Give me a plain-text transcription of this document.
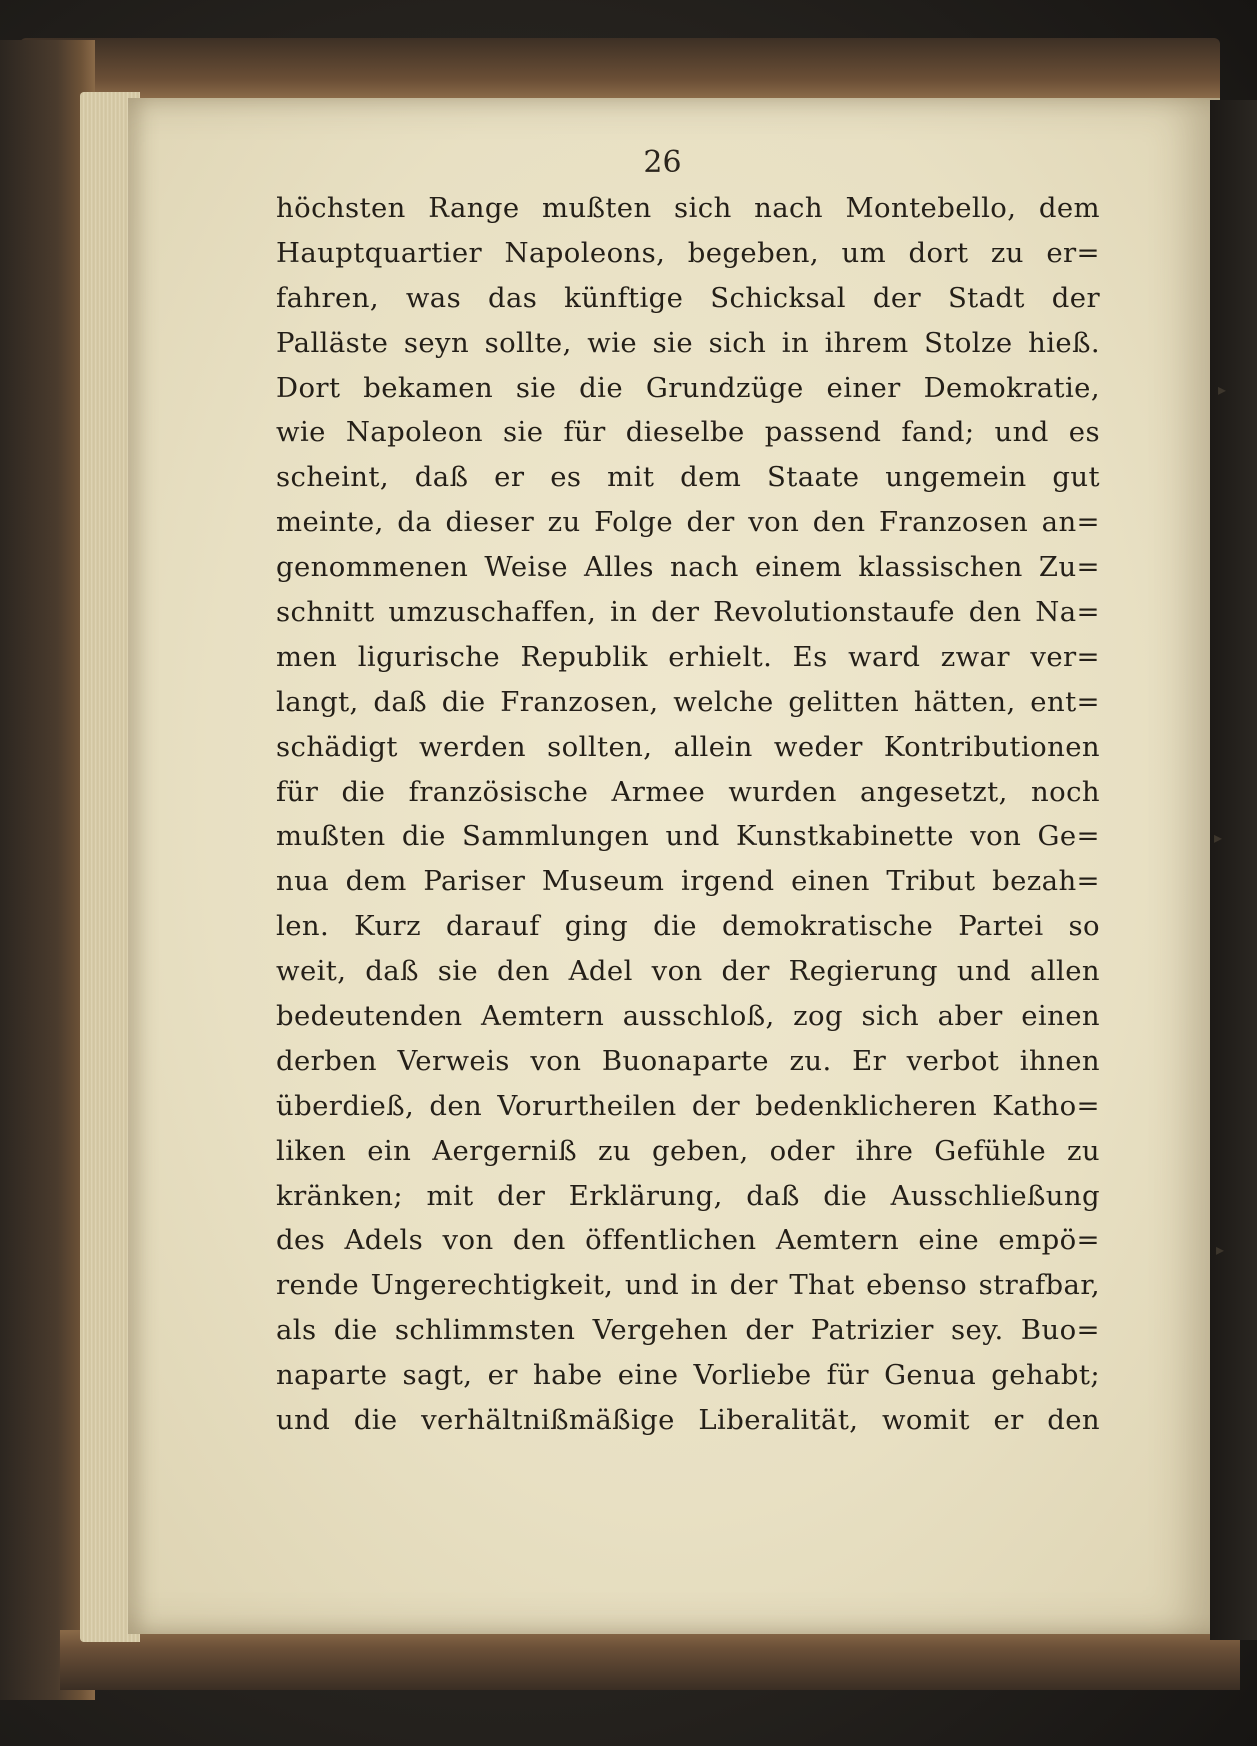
▸
▸
▸
26
höchsten Range mußten sich nach Montebello, dem
Hauptquartier Napoleons, begeben, um dort zu er=
fahren, was das künftige Schicksal der Stadt der
Palläste seyn sollte, wie sie sich in ihrem Stolze hieß.
Dort bekamen sie die Grundzüge einer Demokratie,
wie Napoleon sie für dieselbe passend fand; und es
scheint, daß er es mit dem Staate ungemein gut
meinte, da dieser zu Folge der von den Franzosen an=
genommenen Weise Alles nach einem klassischen Zu=
schnitt umzuschaffen, in der Revolutionstaufe den Na=
men ligurische Republik erhielt. Es ward zwar ver=
langt, daß die Franzosen, welche gelitten hätten, ent=
schädigt werden sollten, allein weder Kontributionen
für die französische Armee wurden angesetzt, noch
mußten die Sammlungen und Kunstkabinette von Ge=
nua dem Pariser Museum irgend einen Tribut bezah=
len. Kurz darauf ging die demokratische Partei so
weit, daß sie den Adel von der Regierung und allen
bedeutenden Aemtern ausschloß, zog sich aber einen
derben Verweis von Buonaparte zu. Er verbot ihnen
überdieß, den Vorurtheilen der bedenklicheren Katho=
liken ein Aergerniß zu geben, oder ihre Gefühle zu
kränken; mit der Erklärung, daß die Ausschließung
des Adels von den öffentlichen Aemtern eine empö=
rende Ungerechtigkeit, und in der That ebenso strafbar,
als die schlimmsten Vergehen der Patrizier sey. Buo=
naparte sagt, er habe eine Vorliebe für Genua gehabt;
und die verhältnißmäßige Liberalität, womit er den
